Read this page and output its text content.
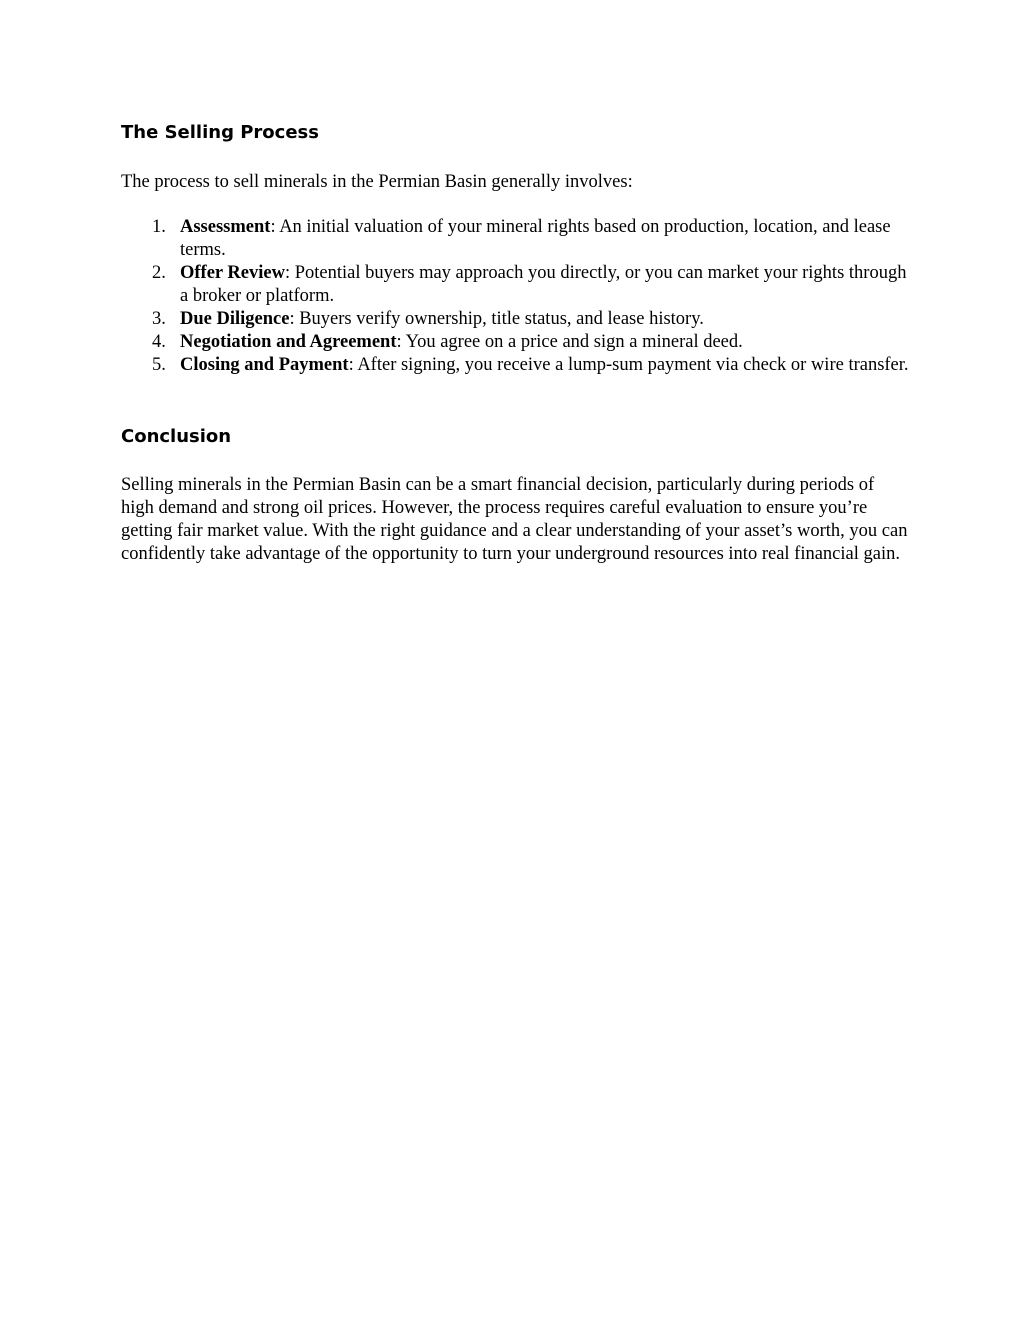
The Selling Process

The process to sell minerals in the Permian Basin generally involves:

1. Assessment: An initial valuation of your mineral rights based on production, location, and lease terms.
2. Offer Review: Potential buyers may approach you directly, or you can market your rights through a broker or platform.
3. Due Diligence: Buyers verify ownership, title status, and lease history.
4. Negotiation and Agreement: You agree on a price and sign a mineral deed.
5. Closing and Payment: After signing, you receive a lump-sum payment via check or wire transfer.
Conclusion

Selling minerals in the Permian Basin can be a smart financial decision, particularly during periods of high demand and strong oil prices. However, the process requires careful evaluation to ensure you’re getting fair market value. With the right guidance and a clear understanding of your asset’s worth, you can confidently take advantage of the opportunity to turn your underground resources into real financial gain.
